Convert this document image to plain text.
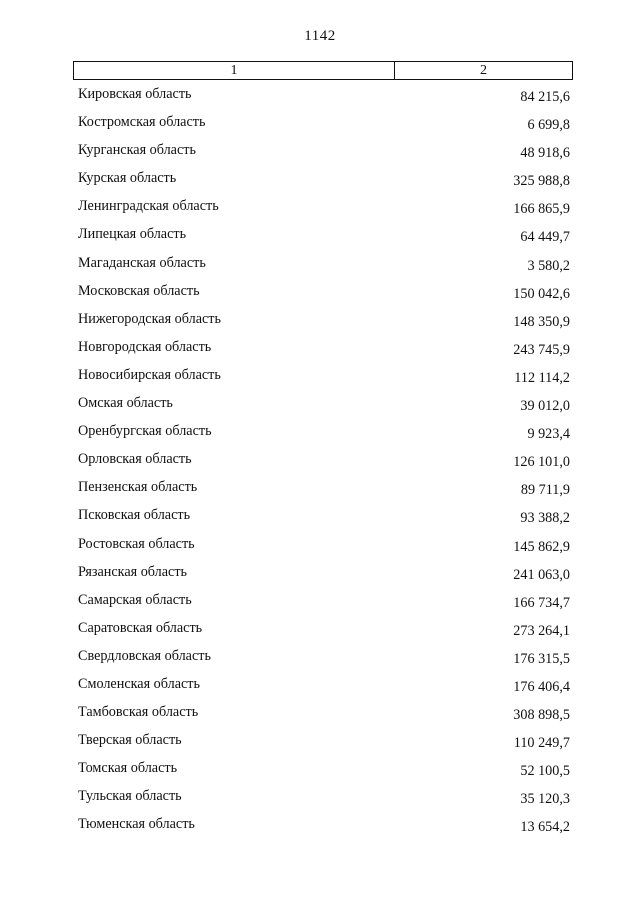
1142
1	2
Кировская область	84 215,6
Костромская область	6 699,8
Курганская область	48 918,6
Курская область	325 988,8
Ленинградская область	166 865,9
Липецкая область	64 449,7
Магаданская область	3 580,2
Московская область	150 042,6
Нижегородская область	148 350,9
Новгородская область	243 745,9
Новосибирская область	112 114,2
Омская область	39 012,0
Оренбургская область	9 923,4
Орловская область	126 101,0
Пензенская область	89 711,9
Псковская область	93 388,2
Ростовская область	145 862,9
Рязанская область	241 063,0
Самарская область	166 734,7
Саратовская область	273 264,1
Свердловская область	176 315,5
Смоленская область	176 406,4
Тамбовская область	308 898,5
Тверская область	110 249,7
Томская область	52 100,5
Тульская область	35 120,3
Тюменская область	13 654,2
